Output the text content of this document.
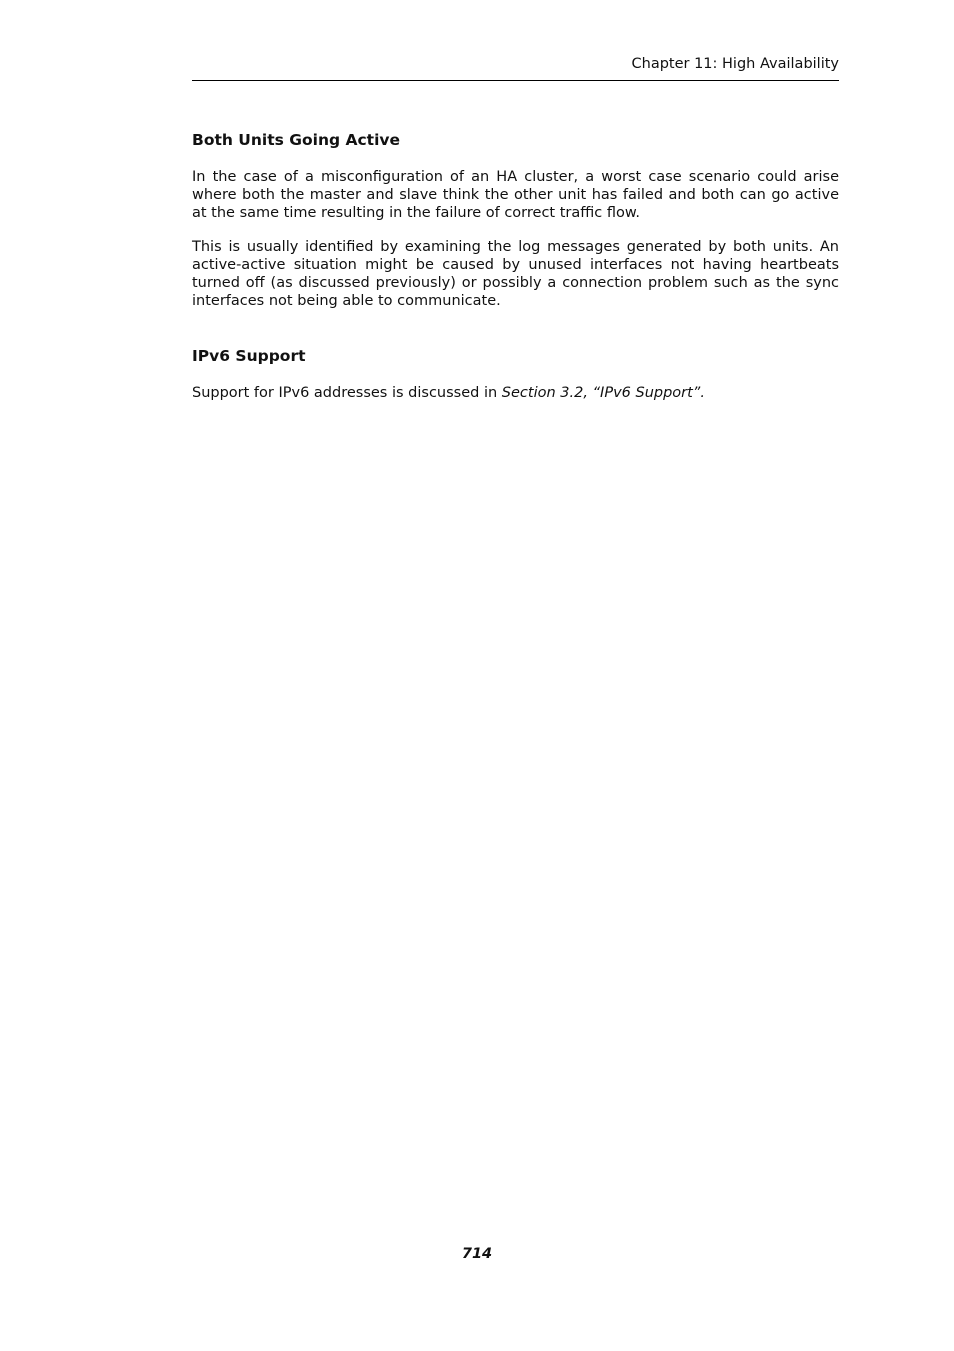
Chapter 11: High Availability
Both Units Going Active

In the case of a misconfiguration of an HA cluster, a worst case scenario could arise where both the master and slave think the other unit has failed and both can go active at the same time resulting in the failure of correct traffic flow.

This is usually identified by examining the log messages generated by both units. An active-active situation might be caused by unused interfaces not having heartbeats turned off (as discussed previously) or possibly a connection problem such as the sync interfaces not being able to communicate.

IPv6 Support

Support for IPv6 addresses is discussed in Section 3.2, “IPv6 Support”.

714
